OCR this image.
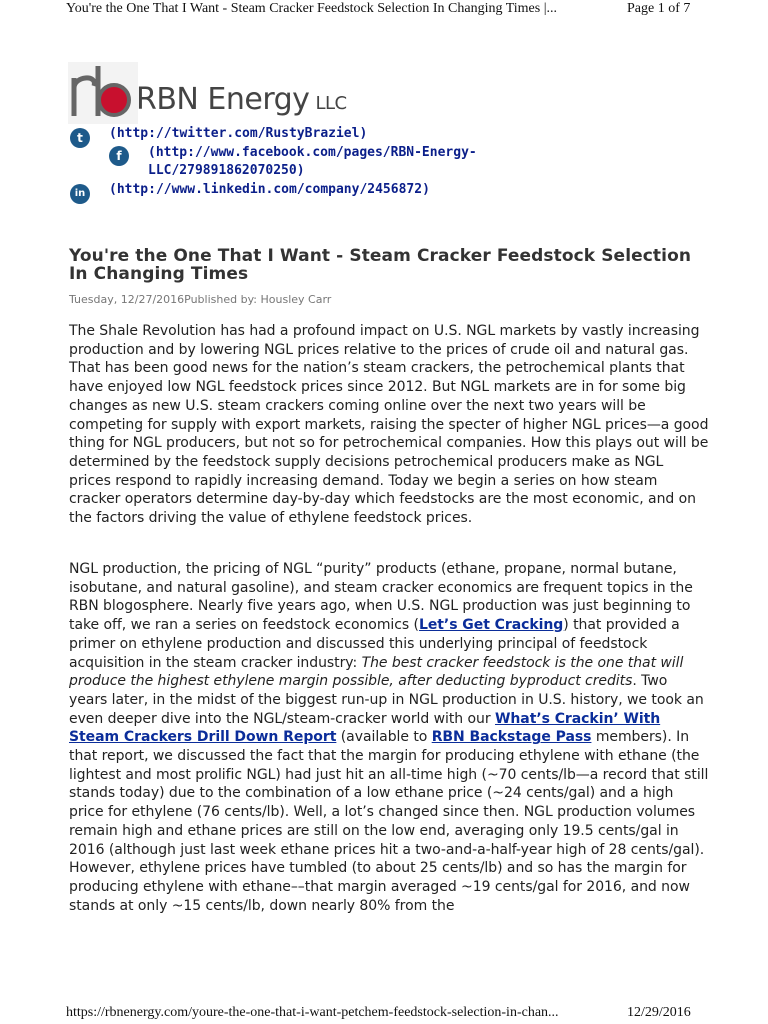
You're the One That I Want - Steam Cracker Feedstock Selection In Changing Times |...	Page 1 of 7
RBN Energy LLC
t	(http://twitter.com/RustyBraziel)
f	(http://www.facebook.com/pages/RBN-Energy-
LLC/279891862070250)
in	(http://www.linkedin.com/company/2456872)
You're the One That I Want - Steam Cracker Feedstock Selection In Changing Times
Tuesday, 12/27/2016Published by: Housley Carr
The Shale Revolution has had a profound impact on U.S. NGL markets by vastly increasing production and by lowering NGL prices relative to the prices of crude oil and natural gas. That has been good news for the nation’s steam crackers, the petrochemical plants that have enjoyed low NGL feedstock prices since 2012. But NGL markets are in for some big changes as new U.S. steam crackers coming online over the next two years will be competing for supply with export markets, raising the specter of higher NGL prices—a good thing for NGL producers, but not so for petrochemical companies. How this plays out will be determined by the feedstock supply decisions petrochemical producers make as NGL prices respond to rapidly increasing demand. Today we begin a series on how steam cracker operators determine day-by-day which feedstocks are the most economic, and on the factors driving the value of ethylene feedstock prices.
NGL production, the pricing of NGL “purity” products (ethane, propane, normal butane, isobutane, and natural gasoline), and steam cracker economics are frequent topics in the RBN blogosphere. Nearly five years ago, when U.S. NGL production was just beginning to take off, we ran a series on feedstock economics (Let’s Get Cracking) that provided a primer on ethylene production and discussed this underlying principal of feedstock acquisition in the steam cracker industry: The best cracker feedstock is the one that will produce the highest ethylene margin possible, after deducting byproduct credits. Two years later, in the midst of the biggest run-up in NGL production in U.S. history, we took an even deeper dive into the NGL/steam-cracker world with our What’s Crackin’ With Steam Crackers Drill Down Report (available to RBN Backstage Pass members). In that report, we discussed the fact that the margin for producing ethylene with ethane (the lightest and most prolific NGL) had just hit an all-time high (~70 cents/lb—a record that still stands today) due to the combination of a low ethane price (~24 cents/gal) and a high price for ethylene (76 cents/lb). Well, a lot’s changed since then. NGL production volumes remain high and ethane prices are still on the low end, averaging only 19.5 cents/gal in 2016 (although just last week ethane prices hit a two-and-a-half-year high of 28 cents/gal). However, ethylene prices have tumbled (to about 25 cents/lb) and so has the margin for producing ethylene with ethane––that margin averaged ~19 cents/gal for 2016, and now stands at only ~15 cents/lb, down nearly 80% from the
https://rbnenergy.com/youre-the-one-that-i-want-petchem-feedstock-selection-in-chan...	12/29/2016
